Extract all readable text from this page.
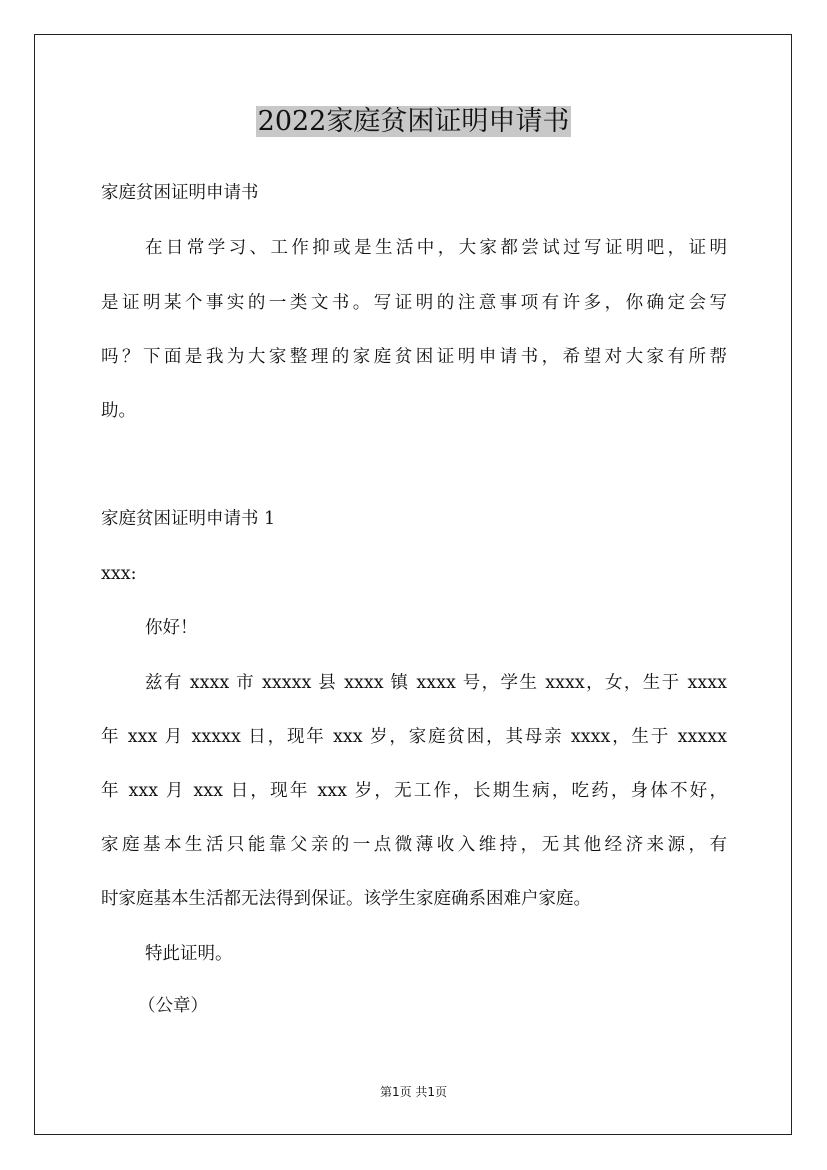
2022家庭贫困证明申请书
家庭贫困证明申请书
在日常学习、工作抑或是生活中，大家都尝试过写证明吧，证明
是证明某个事实的一类文书。写证明的注意事项有许多，你确定会写
吗？下面是我为大家整理的家庭贫困证明申请书，希望对大家有所帮
助。
家庭贫困证明申请书 1
xxx:
你好！
兹有 xxxx 市 xxxxx 县 xxxx 镇 xxxx 号，学生 xxxx，女，生于 xxxx
年 xxx 月 xxxxx 日，现年 xxx 岁，家庭贫困，其母亲 xxxx，生于 xxxxx
年 xxx 月 xxx 日，现年 xxx 岁，无工作，长期生病，吃药，身体不好，
家庭基本生活只能靠父亲的一点微薄收入维持，无其他经济来源，有
时家庭基本生活都无法得到保证。该学生家庭确系困难户家庭。
特此证明。
（公章）
第1页 共1页
